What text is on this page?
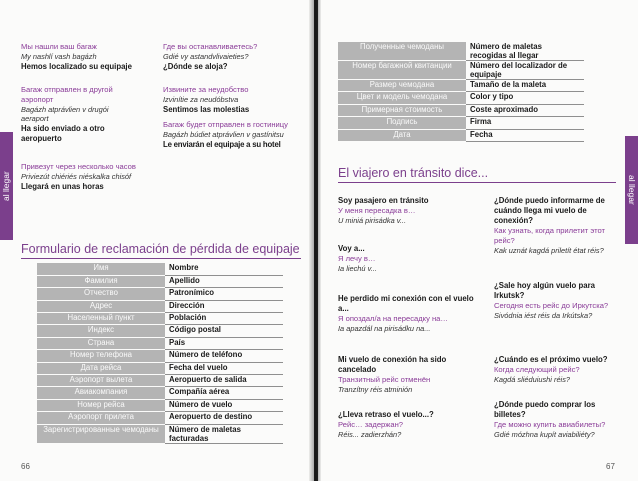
al llegar
Мы нашли ваш багаж
My nashlí vash bagázh
Hemos localizado su equipaje
Багаж отправлен в другой аэропорт
Bagázh atprávlien v drugói aeraport
Ha sido enviado a otro aeropuerto
Привезут через несколько часов
Priviezút chiériés niéskalka chisóf
Llegará en unas horas
Где вы останавливаетесь?
Gdié vy astandvlivaieties?
¿Dónde se aloja?
Извините за неудобство
Izvinítie za neudóbstva
Sentimos las molestias
Багаж будет отправлен в гостиницу
Bagázh búdiet atprávlien v gastínitsu
Le enviarán el equipaje a su hotel
Formulario de reclamación de pérdida de equipaje
Имя	Nombre
Фамилия	Apellido
Отчество	Patronímico
Адрес	Dirección
Населенный пункт	Población
Индекс	Código postal
Страна	País
Номер телефона	Número de teléfono
Дата рейса	Fecha del vuelo
Аэропорт вылета	Aeropuerto de salida
Авиакомпания	Compañía aérea
Номер рейса	Número de vuelo
Аэропорт прилета	Aeropuerto de destino
Зарегистрированные чемоданы	Número de maletas facturadas
66
al llegar
Полученные чемоданы	Número de maletas recogidas al llegar
Номер багажной квитанции	Número del localizador de equipaje
Размер чемодана	Tamaño de la maleta
Цвет и модель чемодана	Color y tipo
Примерная стоимость	Coste aproximado
Подпись	Firma
Дата	Fecha
El viajero en tránsito dice...
Soy pasajero en tránsito
У меня пересадка в…
U miniá pirisádka v...
Voy a...
Я лечу в…
Ia liechú v...
He perdido mi conexión con el vuelo a...
Я опоздал/а на пересадку на…
Ia apazdál na pirisádku na...
Mi vuelo de conexión ha sido cancelado
Транзитный рейс отменён
Tranzítny réis atminión
¿Lleva retraso el vuelo...?
Рейс… задержан?
Réis... zadierzhán?
¿Dónde puedo informarme de cuándo llega mi vuelo de conexión?
Как узнать, когда прилетит этот рейс?
Kak uznát kagdá priletít état réis?
¿Sale hoy algún vuelo para Irkutsk?
Сегодня есть рейс до Иркутска?
Sivódnia iést réis da Irkútska?
¿Cuándo es el próximo vuelo?
Когда следующий рейс?
Kagdá sliéduiushi réis?
¿Dónde puedo comprar los billetes?
Где можно купить авиабилеты?
Gdié mózhna kupít aviabiliéty?
67
